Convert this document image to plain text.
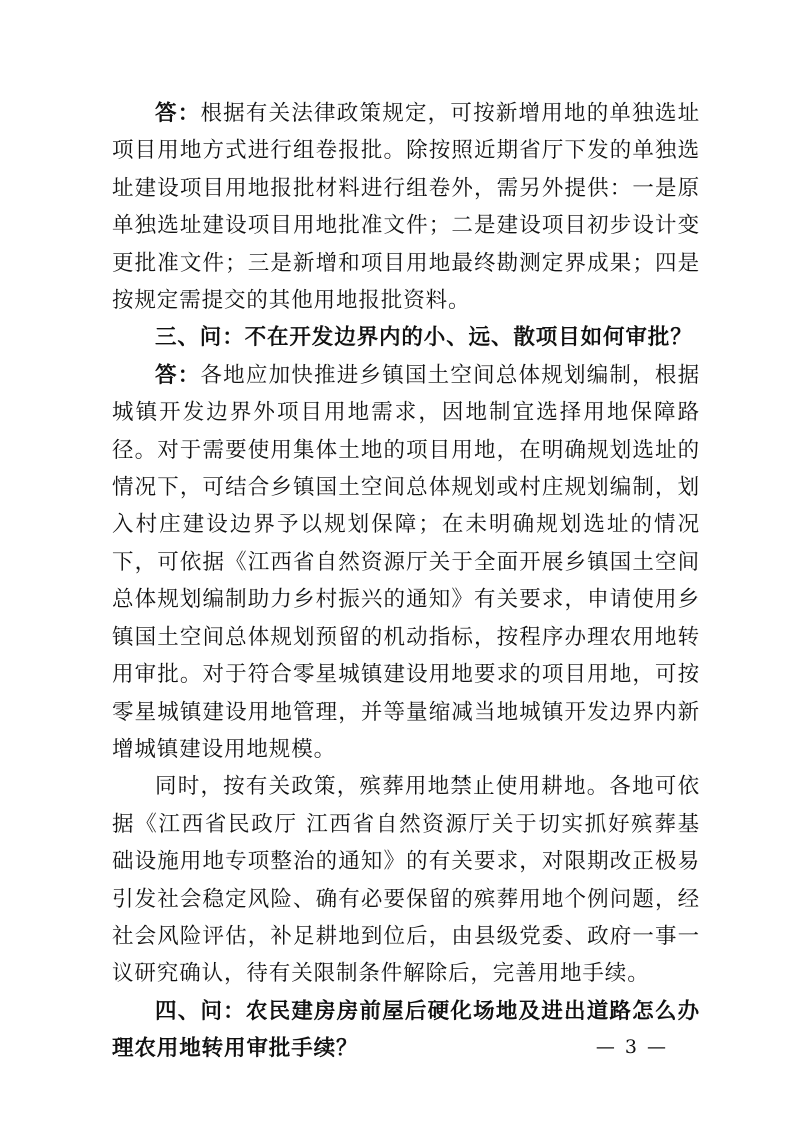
答：根据有关法律政策规定，可按新增用地的单独选址项目用地方式进行组卷报批。除按照近期省厅下发的单独选址建设项目用地报批材料进行组卷外，需另外提供：一是原单独选址建设项目用地批准文件；二是建设项目初步设计变更批准文件；三是新增和项目用地最终勘测定界成果；四是按规定需提交的其他用地报批资料。

三、问：不在开发边界内的小、远、散项目如何审批？

答：各地应加快推进乡镇国土空间总体规划编制，根据城镇开发边界外项目用地需求，因地制宜选择用地保障路径。对于需要使用集体土地的项目用地，在明确规划选址的情况下，可结合乡镇国土空间总体规划或村庄规划编制，划入村庄建设边界予以规划保障；在未明确规划选址的情况下，可依据《江西省自然资源厅关于全面开展乡镇国土空间总体规划编制助力乡村振兴的通知》有关要求，申请使用乡镇国土空间总体规划预留的机动指标，按程序办理农用地转用审批。对于符合零星城镇建设用地要求的项目用地，可按零星城镇建设用地管理，并等量缩减当地城镇开发边界内新增城镇建设用地规模。

同时，按有关政策，殡葬用地禁止使用耕地。各地可依据《江西省民政厅 江西省自然资源厅关于切实抓好殡葬基础设施用地专项整治的通知》的有关要求，对限期改正极易引发社会稳定风险、确有必要保留的殡葬用地个例问题，经社会风险评估，补足耕地到位后，由县级党委、政府一事一议研究确认，待有关限制条件解除后，完善用地手续。

四、问：农民建房房前屋后硬化场地及进出道路怎么办理农用地转用审批手续？	— 3 —
